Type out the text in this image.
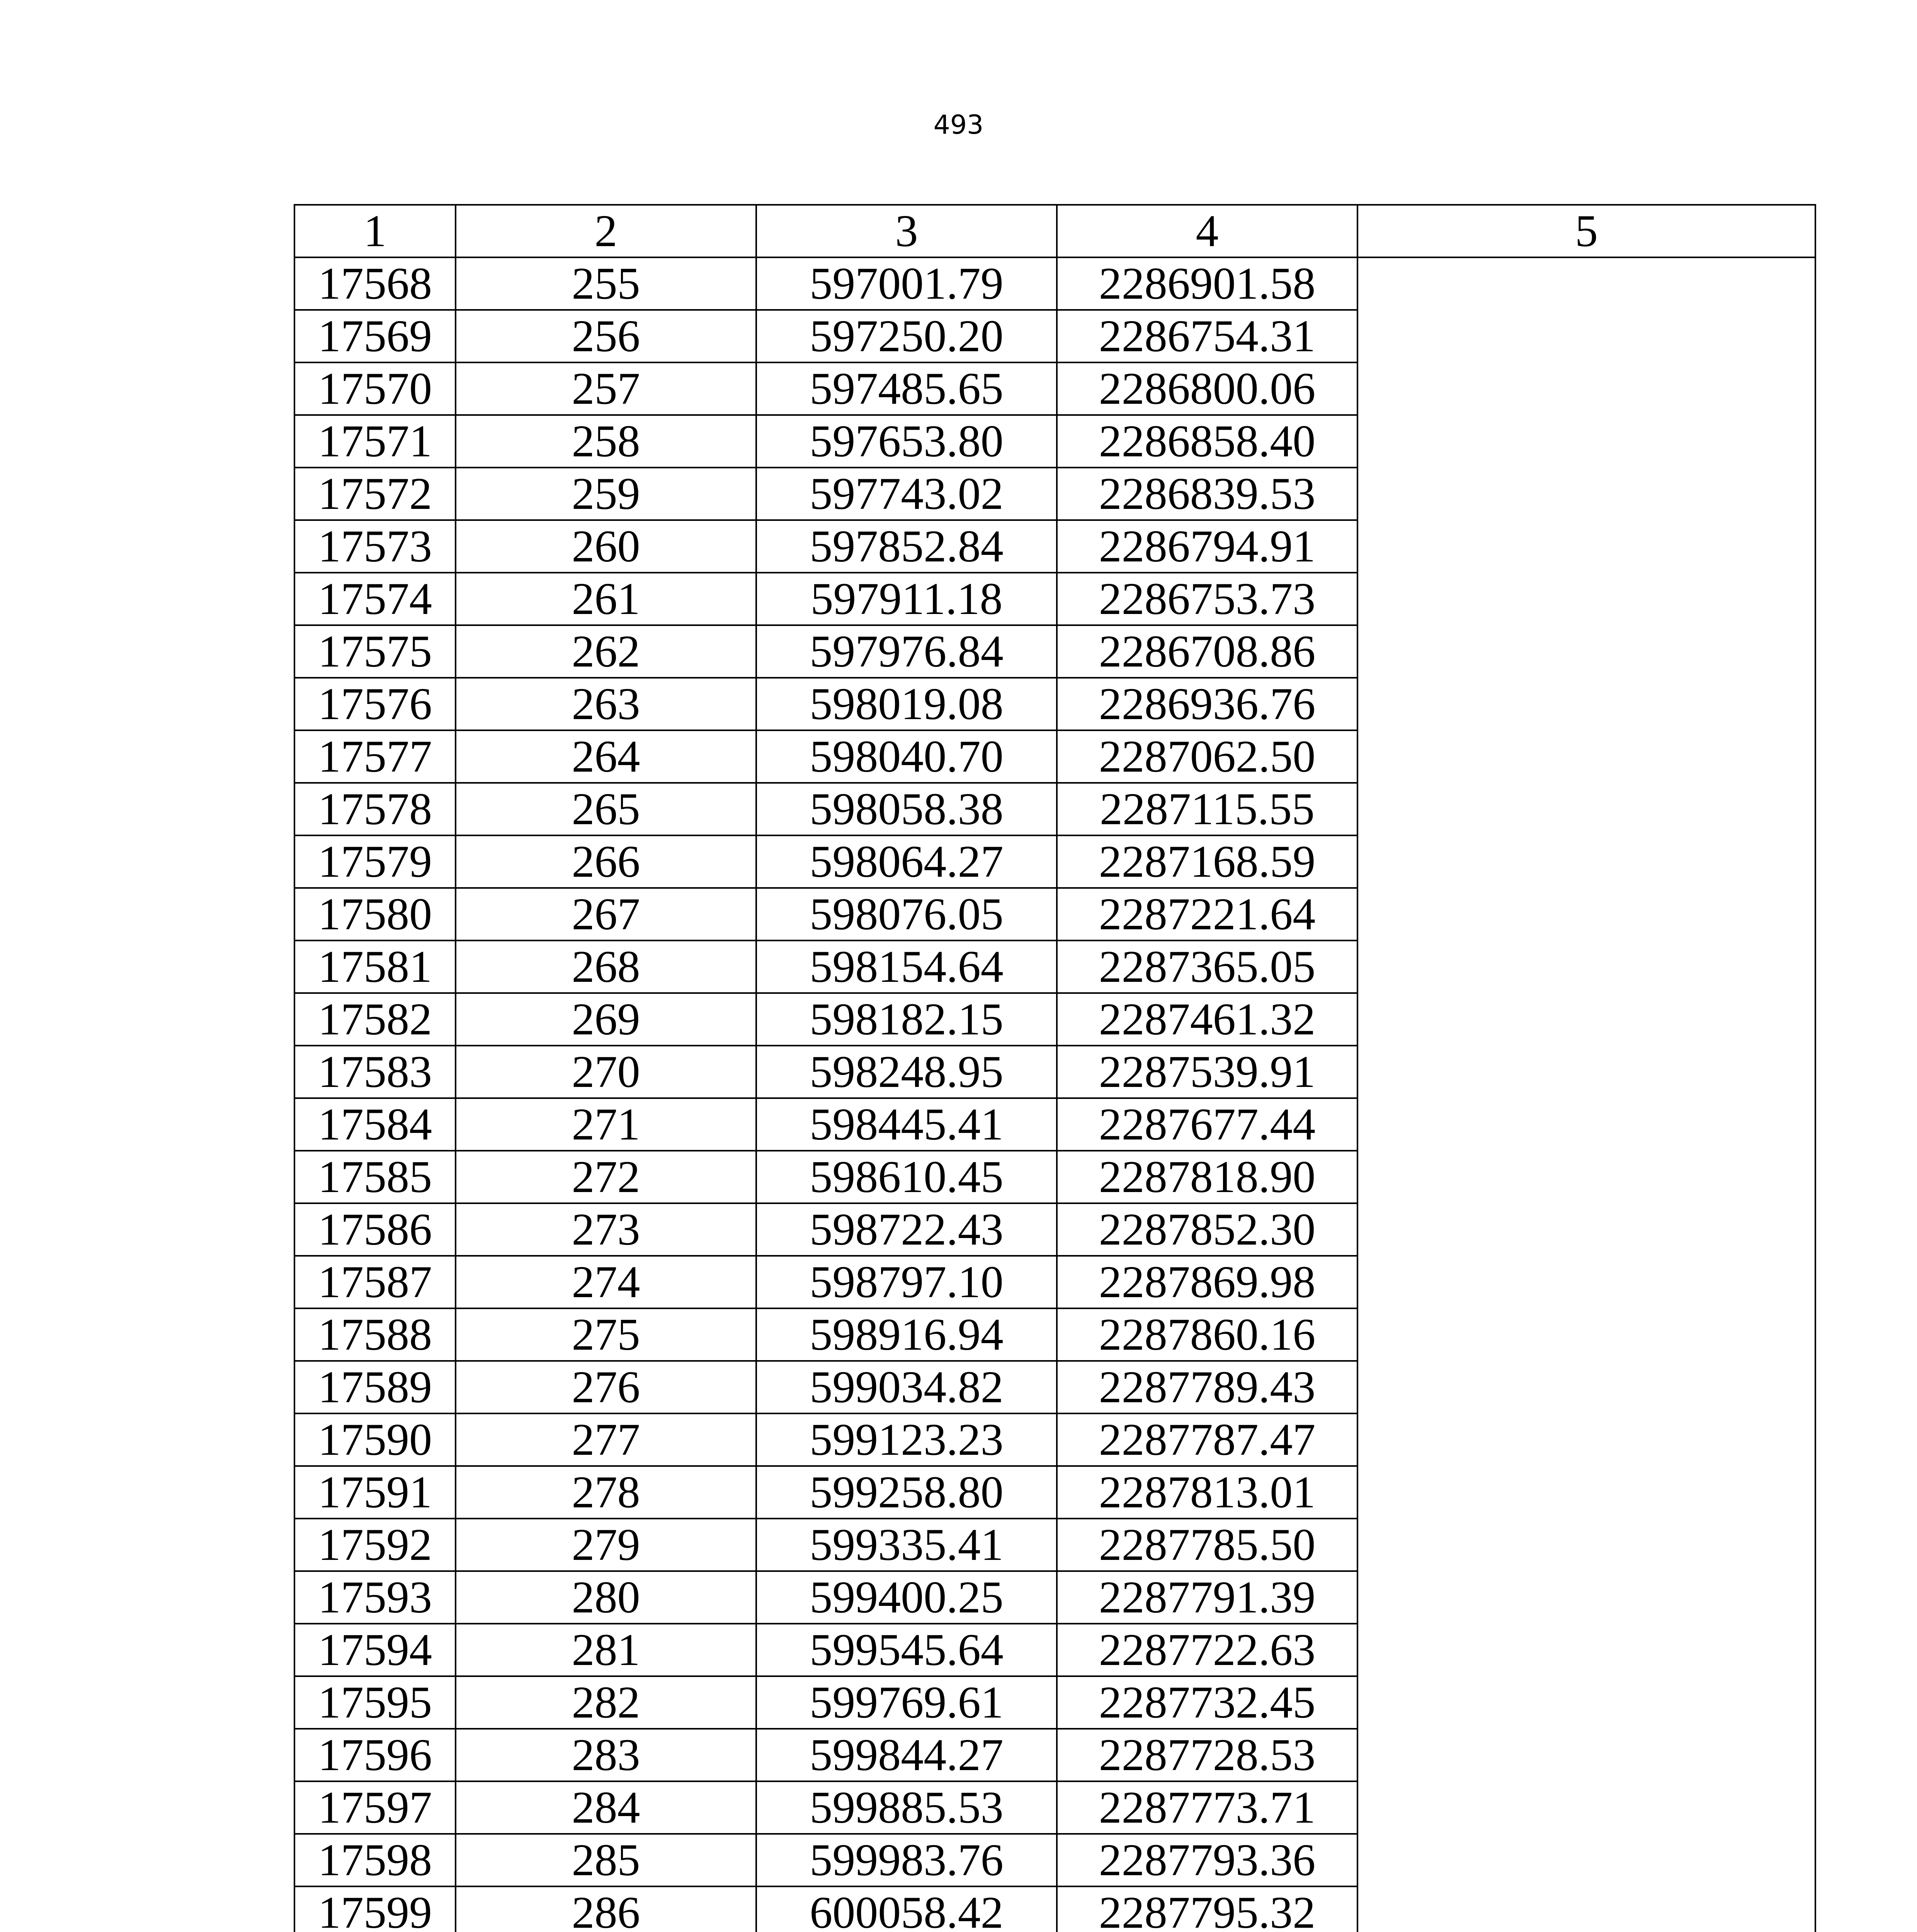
493
1	2	3	4	5
17568	255	597001.79	2286901.58	
17569	256	597250.20	2286754.31	
17570	257	597485.65	2286800.06	
17571	258	597653.80	2286858.40	
17572	259	597743.02	2286839.53	
17573	260	597852.84	2286794.91	
17574	261	597911.18	2286753.73	
17575	262	597976.84	2286708.86	
17576	263	598019.08	2286936.76	
17577	264	598040.70	2287062.50	
17578	265	598058.38	2287115.55	
17579	266	598064.27	2287168.59	
17580	267	598076.05	2287221.64	
17581	268	598154.64	2287365.05	
17582	269	598182.15	2287461.32	
17583	270	598248.95	2287539.91	
17584	271	598445.41	2287677.44	
17585	272	598610.45	2287818.90	
17586	273	598722.43	2287852.30	
17587	274	598797.10	2287869.98	
17588	275	598916.94	2287860.16	
17589	276	599034.82	2287789.43	
17590	277	599123.23	2287787.47	
17591	278	599258.80	2287813.01	
17592	279	599335.41	2287785.50	
17593	280	599400.25	2287791.39	
17594	281	599545.64	2287722.63	
17595	282	599769.61	2287732.45	
17596	283	599844.27	2287728.53	
17597	284	599885.53	2287773.71	
17598	285	599983.76	2287793.36	
17599	286	600058.42	2287795.32	
